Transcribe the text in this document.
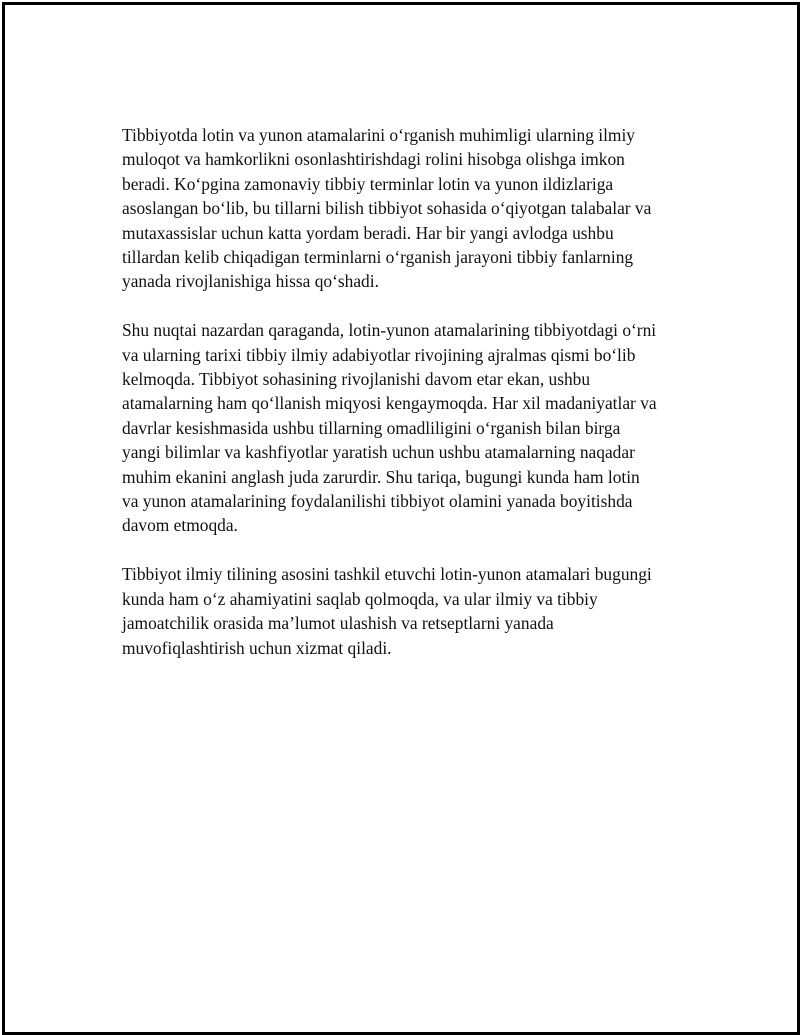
Tibbiyotda lotin va yunon atamalarini o‘rganish muhimligi ularning ilmiy
muloqot va hamkorlikni osonlashtirishdagi rolini hisobga olishga imkon
beradi. Ko‘pgina zamonaviy tibbiy terminlar lotin va yunon ildizlariga
asoslangan bo‘lib, bu tillarni bilish tibbiyot sohasida o‘qiyotgan talabalar va
mutaxassislar uchun katta yordam beradi. Har bir yangi avlodga ushbu
tillardan kelib chiqadigan terminlarni o‘rganish jarayoni tibbiy fanlarning
yanada rivojlanishiga hissa qo‘shadi.

Shu nuqtai nazardan qaraganda, lotin-yunon atamalarining tibbiyotdagi o‘rni
va ularning tarixi tibbiy ilmiy adabiyotlar rivojining ajralmas qismi bo‘lib
kelmoqda. Tibbiyot sohasining rivojlanishi davom etar ekan, ushbu
atamalarning ham qo‘llanish miqyosi kengaymoqda. Har xil madaniyatlar va
davrlar kesishmasida ushbu tillarning omadliligini o‘rganish bilan birga
yangi bilimlar va kashfiyotlar yaratish uchun ushbu atamalarning naqadar
muhim ekanini anglash juda zarurdir. Shu tariqa, bugungi kunda ham lotin
va yunon atamalarining foydalanilishi tibbiyot olamini yanada boyitishda
davom etmoqda.

Tibbiyot ilmiy tilining asosini tashkil etuvchi lotin-yunon atamalari bugungi
kunda ham o‘z ahamiyatini saqlab qolmoqda, va ular ilmiy va tibbiy
jamoatchilik orasida ma’lumot ulashish va retseptlarni yanada
muvofiqlashtirish uchun xizmat qiladi.
